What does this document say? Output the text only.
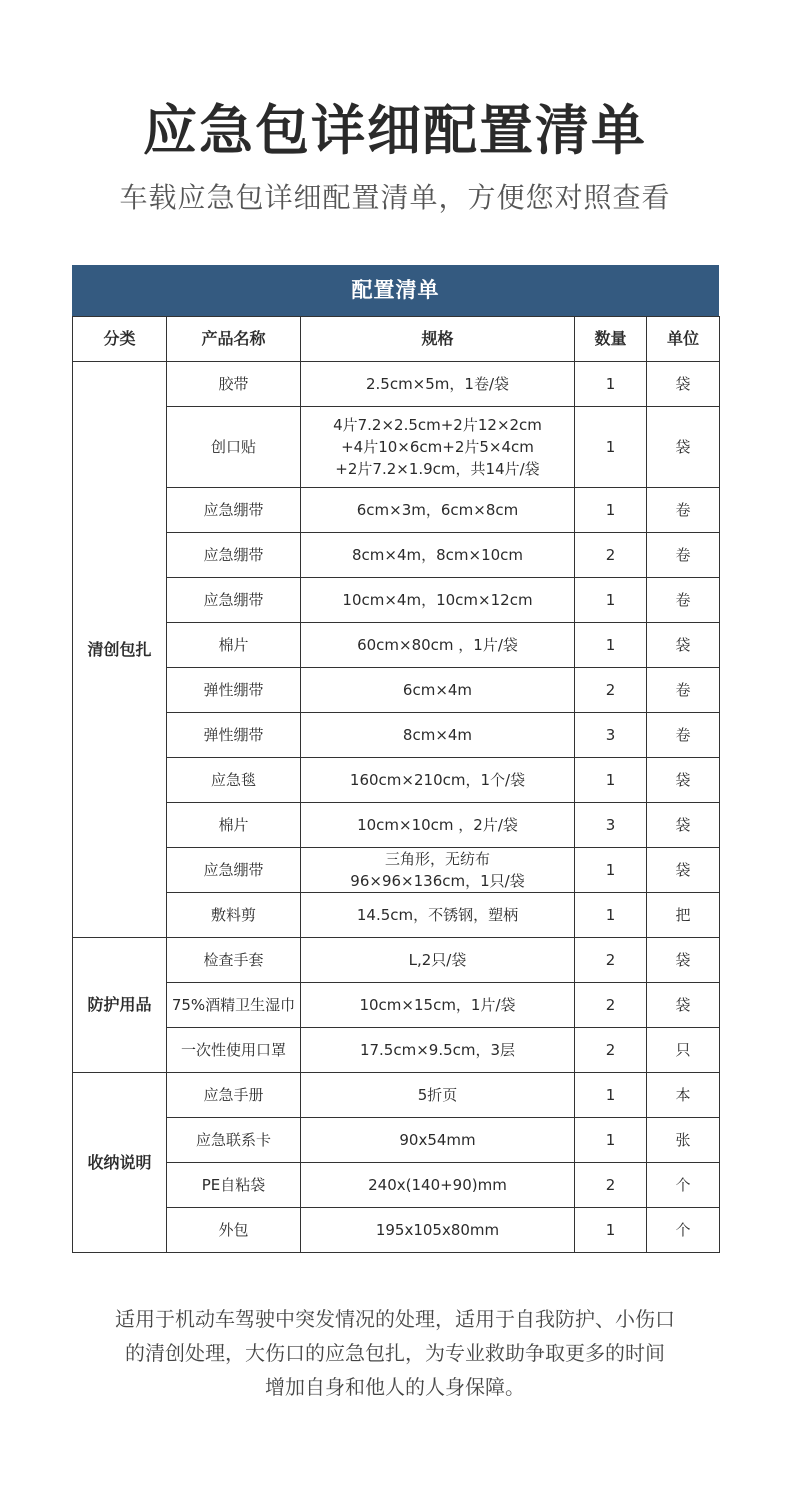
应急包详细配置清单
车载应急包详细配置清单，方便您对照查看
配置清单
分类	产品名称	规格	数量	单位
清创包扎	胶带	2.5cm×5m，1卷/袋	1	袋
	创口贴	4片7.2×2.5cm+2片12×2cm
+4片10×6cm+2片5×4cm
+2片7.2×1.9cm，共14片/袋	1	袋
	应急绷带	6cm×3m，6cm×8cm	1	卷
	应急绷带	8cm×4m，8cm×10cm	2	卷
	应急绷带	10cm×4m，10cm×12cm	1	卷
	棉片	60cm×80cm ，1片/袋	1	袋
	弹性绷带	6cm×4m	2	卷
	弹性绷带	8cm×4m	3	卷
	应急毯	160cm×210cm，1个/袋	1	袋
	棉片	10cm×10cm ，2片/袋	3	袋
	应急绷带	三角形，无纺布
96×96×136cm，1只/袋	1	袋
	敷料剪	14.5cm，不锈钢，塑柄	1	把
防护用品	检查手套	L,2只/袋	2	袋
	75%酒精卫生湿巾	10cm×15cm，1片/袋	2	袋
	一次性使用口罩	17.5cm×9.5cm，3层	2	只
收纳说明	应急手册	5折页	1	本
	应急联系卡	90x54mm	1	张
	PE自粘袋	240x(140+90)mm	2	个
	外包	195x105x80mm	1	个
适用于机动车驾驶中突发情况的处理，适用于自我防护、小伤口
的清创处理，大伤口的应急包扎，为专业救助争取更多的时间
增加自身和他人的人身保障。
